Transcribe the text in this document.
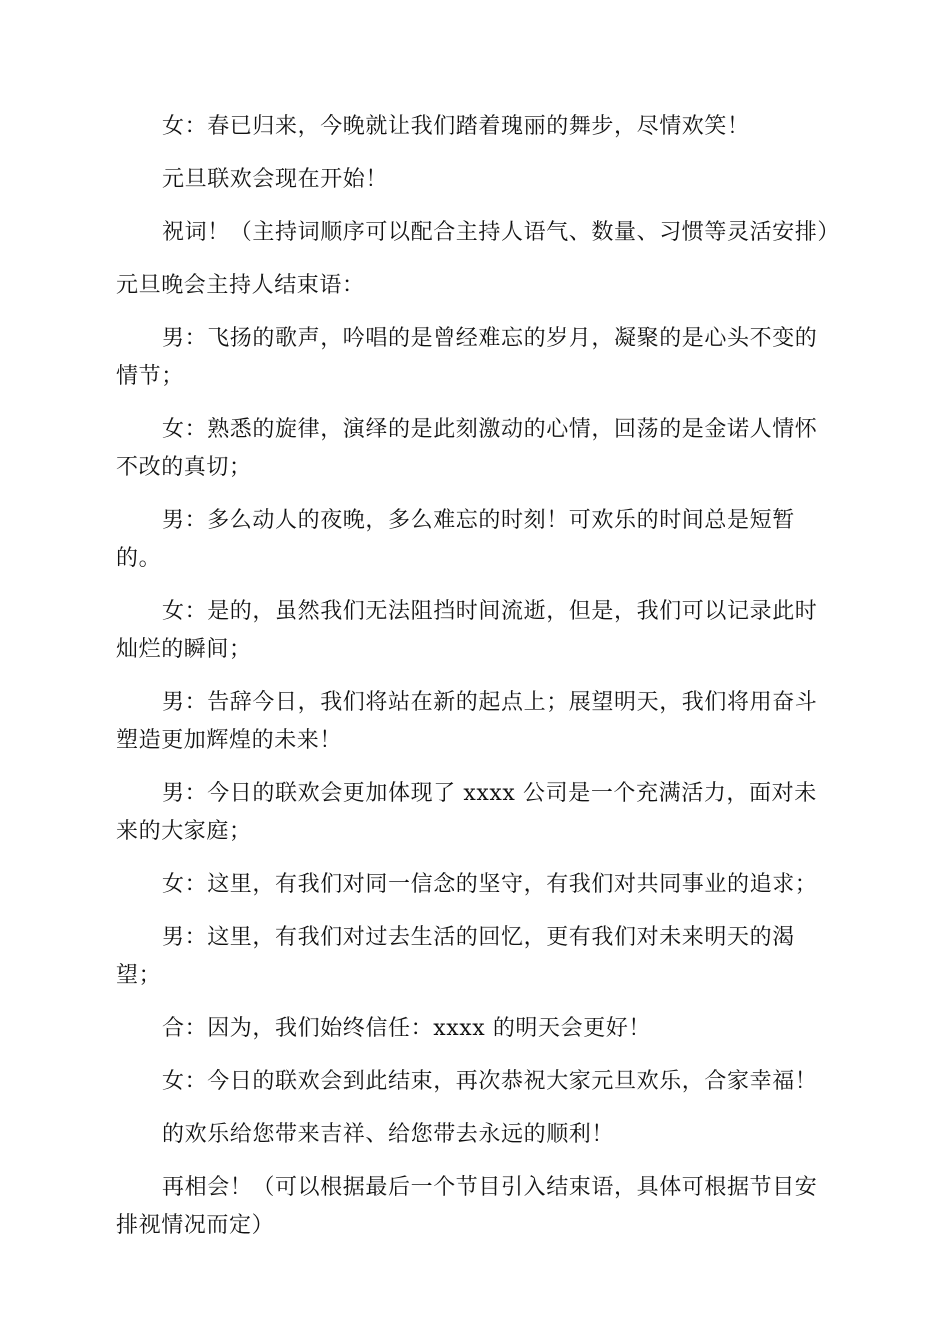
女：春已归来，今晚就让我们踏着瑰丽的舞步，尽情欢笑！

元旦联欢会现在开始！

祝词！（主持词顺序可以配合主持人语气、数量、习惯等灵活安排）

元旦晚会主持人结束语：

男：飞扬的歌声，吟唱的是曾经难忘的岁月，凝聚的是心头不变的情节；

女：熟悉的旋律，演绎的是此刻激动的心情，回荡的是金诺人情怀不改的真切；

男：多么动人的夜晚，多么难忘的时刻！可欢乐的时间总是短暂的。

女：是的，虽然我们无法阻挡时间流逝，但是，我们可以记录此时灿烂的瞬间；

男：告辞今日，我们将站在新的起点上；展望明天，我们将用奋斗塑造更加辉煌的未来！

男：今日的联欢会更加体现了 xxxx 公司是一个充满活力，面对未来的大家庭；

女：这里，有我们对同一信念的坚守，有我们对共同事业的追求；

男：这里，有我们对过去生活的回忆，更有我们对未来明天的渴望；

合：因为，我们始终信任：xxxx 的明天会更好！

女：今日的联欢会到此结束，再次恭祝大家元旦欢乐，合家幸福！

的欢乐给您带来吉祥、给您带去永远的顺利！

再相会！（可以根据最后一个节目引入结束语，具体可根据节目安排视情况而定）
